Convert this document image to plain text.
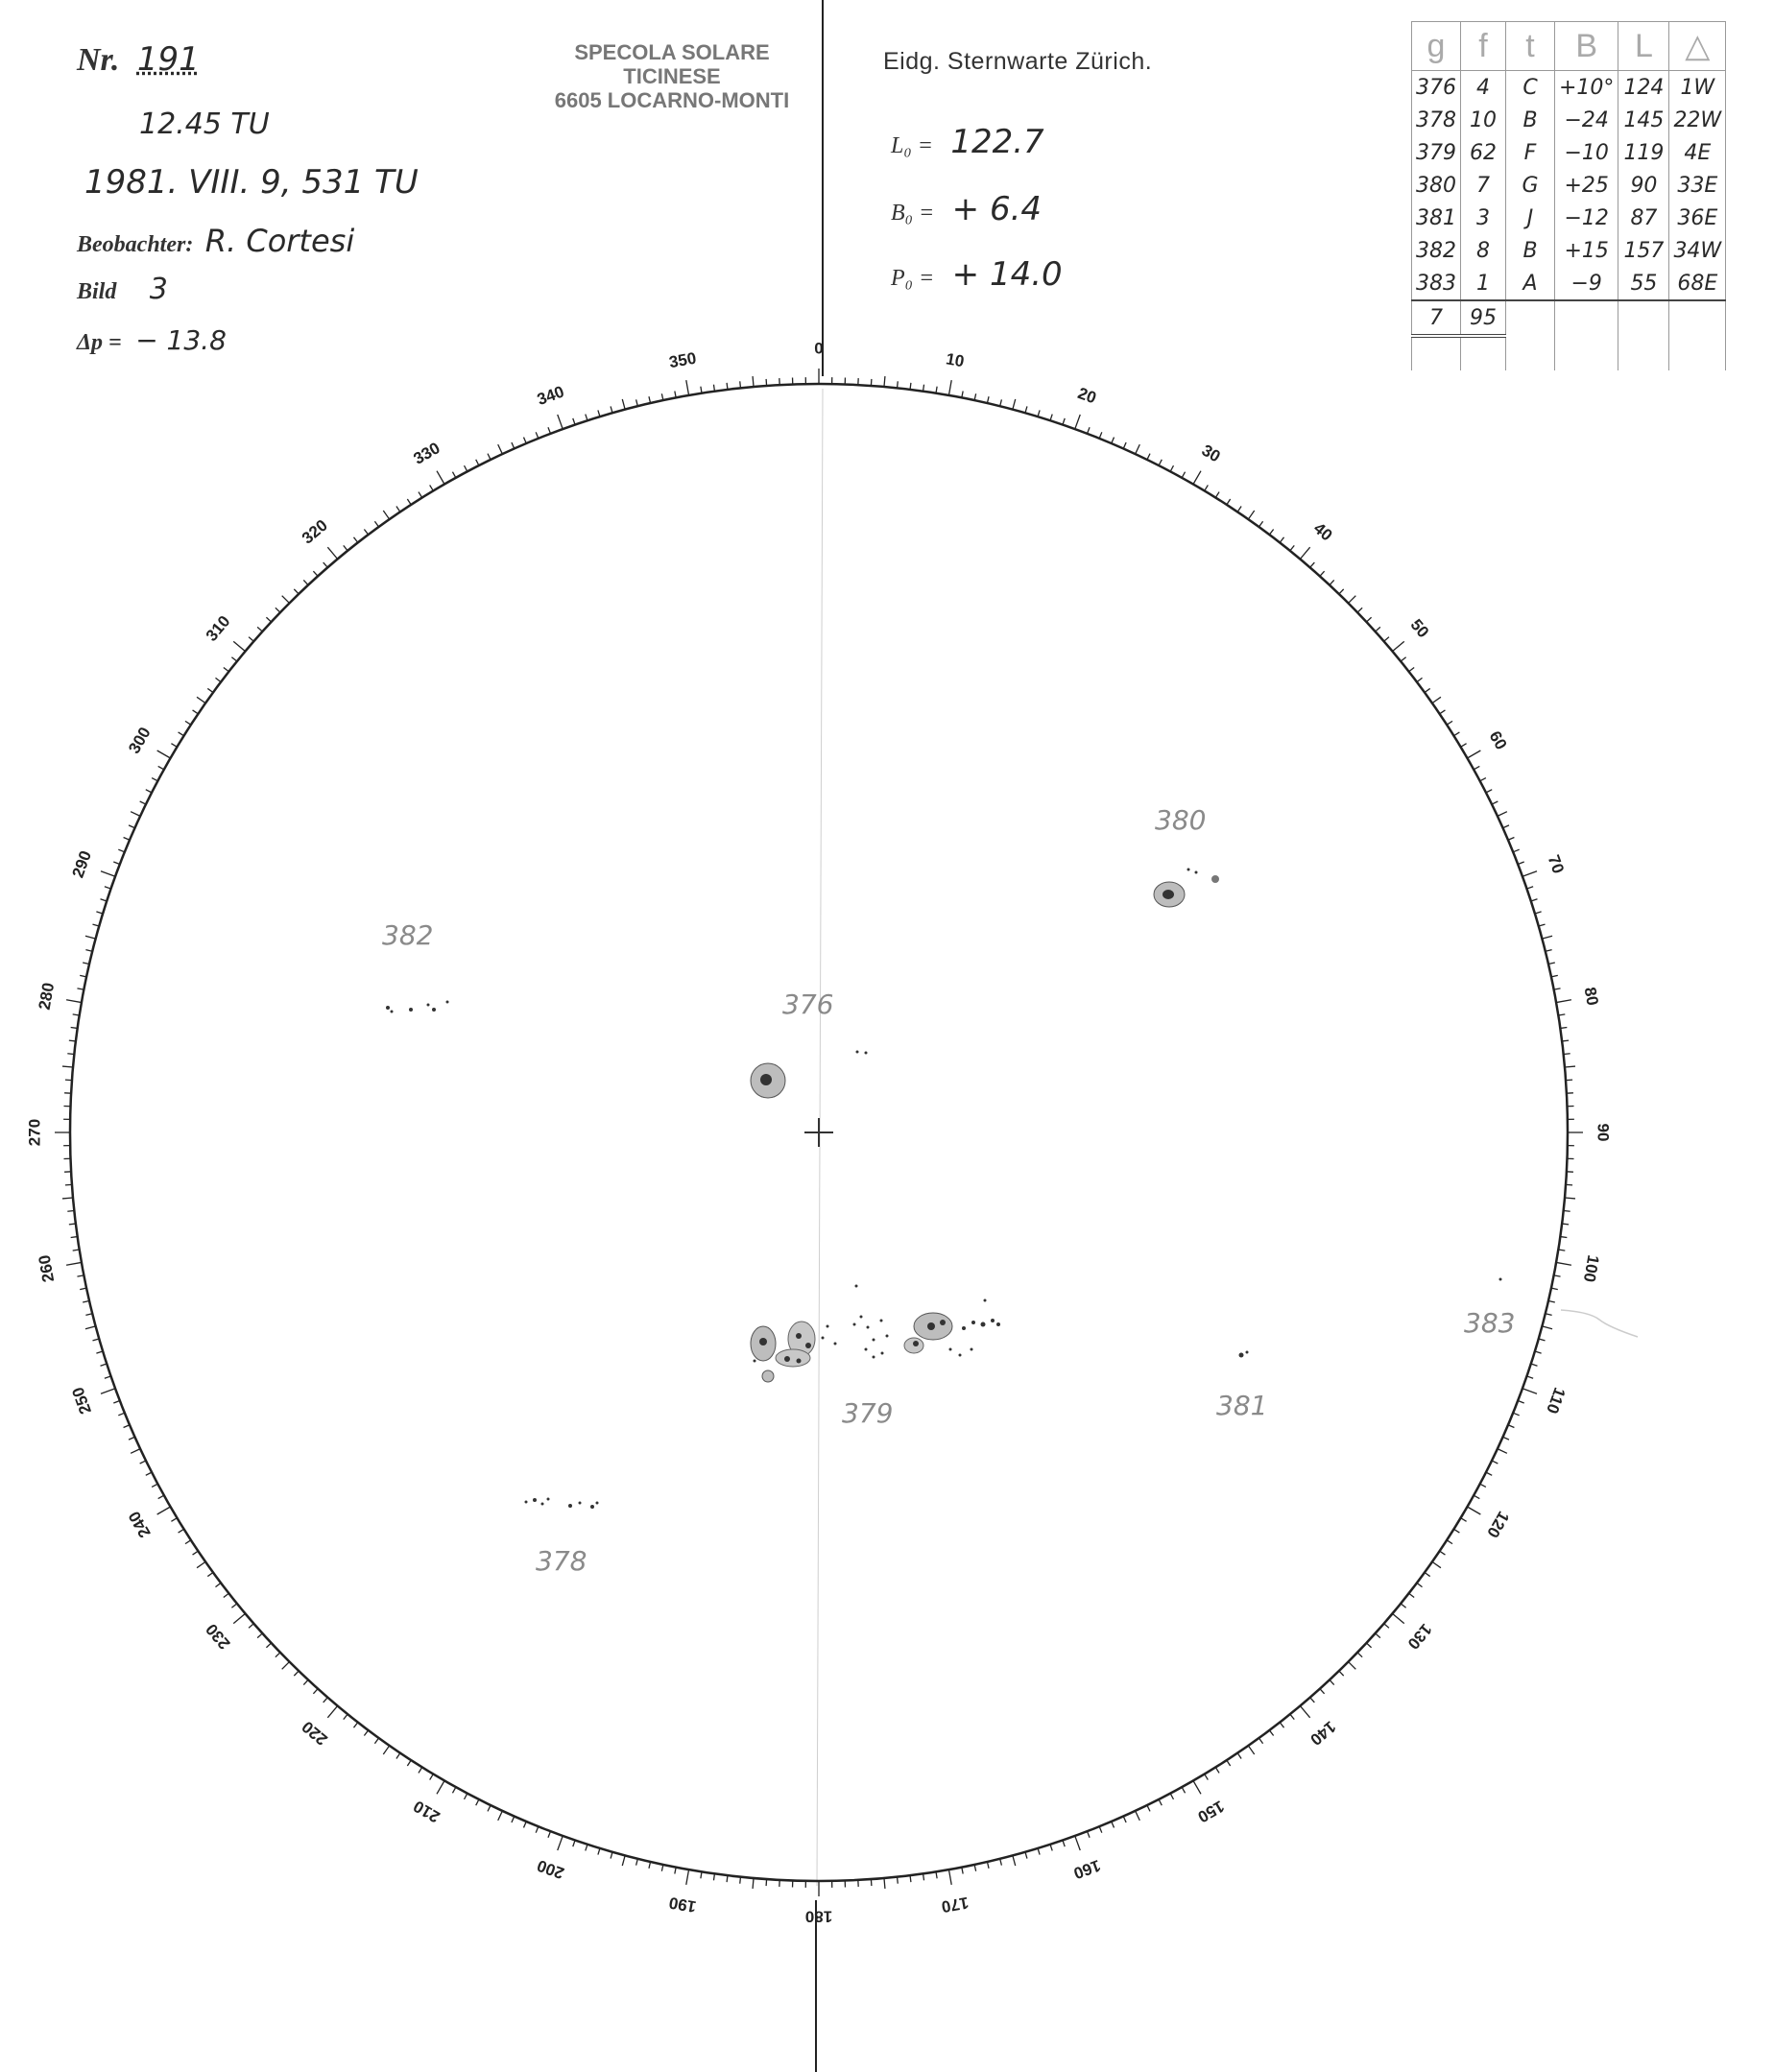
Nr. 191
12.45 TU
1981. VIII. 9, 531 TU
Beobachter: R. Cortesi
Bild 3
Δp = − 13.8
SPECOLA SOLARE
TICINESE
6605 LOCARNO-MONTI
Eidg. Sternwarte Zürich.
L₀ = 122.7
B₀ = + 6.4
P₀ = + 14.0
g	f	t	B	L	△
376	4	C	+10°	124	1W
378	10	B	−24	145	22W
379	62	F	−10	119	4E
380	7	G	+25	90	33E
381	3	J	−12	87	36E
382	8	B	+15	157	34W
383	1	A	−9	55	68E
7	95				

0
10
20
30
40
50
60
70
80
90
100
110
120
130
140
150
160
170
180
190
200
210
220
230
240
250
260
270
280
290
300
310
320
330
340
350
382
376
380
379	381
383
378
